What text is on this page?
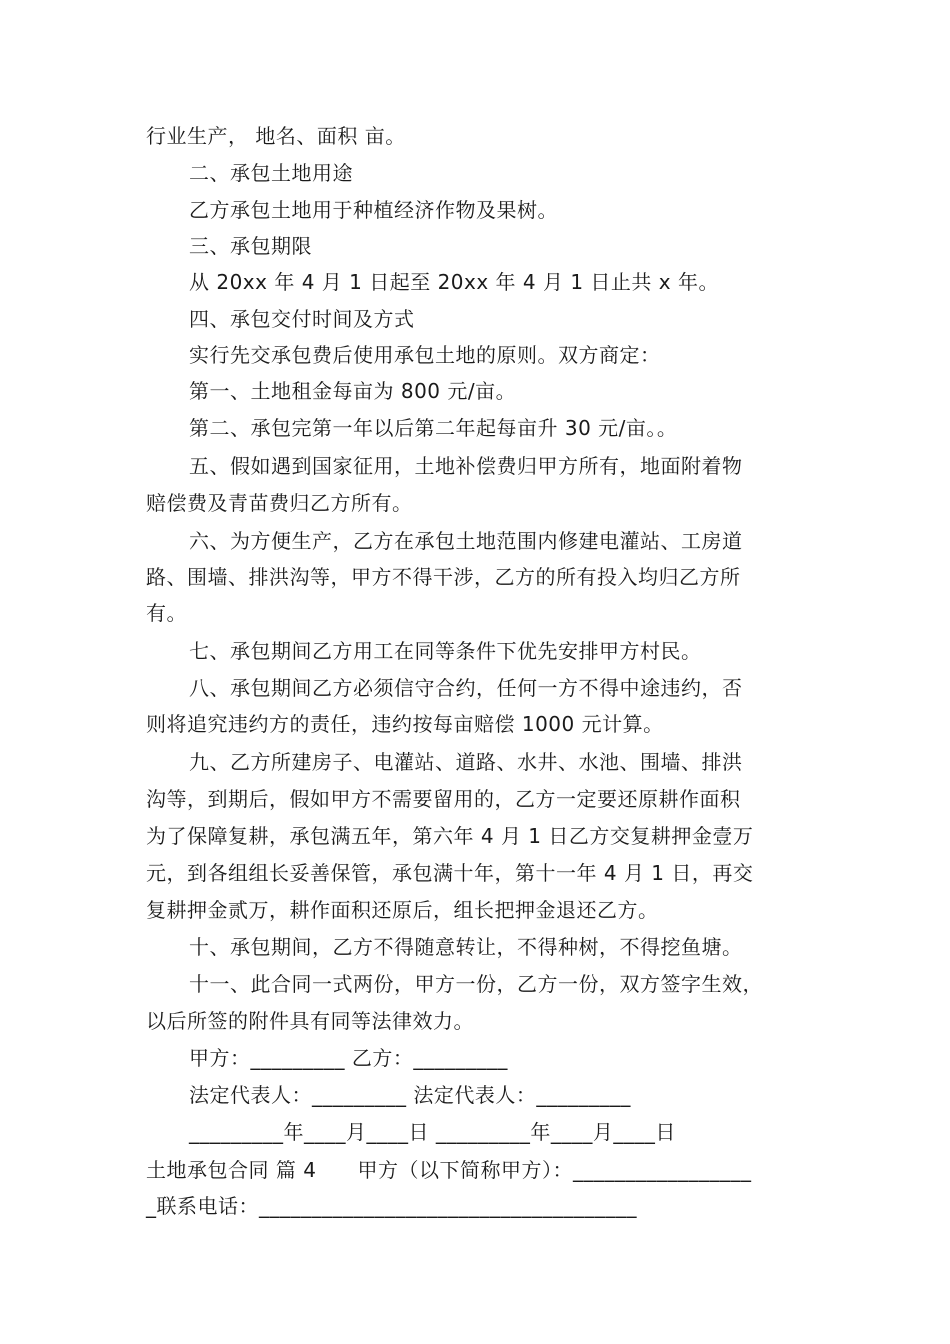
行业生产， 地名、面积 亩。
二、承包土地用途
乙方承包土地用于种植经济作物及果树。
三、承包期限
从 20xx 年 4 月 1 日起至 20xx 年 4 月 1 日止共 x 年。
四、承包交付时间及方式
实行先交承包费后使用承包土地的原则。双方商定：
第一、土地租金每亩为 800 元/亩。
第二、承包完第一年以后第二年起每亩升 30 元/亩。。
五、假如遇到国家征用，土地补偿费归甲方所有，地面附着物
赔偿费及青苗费归乙方所有。
六、为方便生产，乙方在承包土地范围内修建电灌站、工房道
路、围墙、排洪沟等，甲方不得干涉，乙方的所有投入均归乙方所
有。
七、承包期间乙方用工在同等条件下优先安排甲方村民。
八、承包期间乙方必须信守合约，任何一方不得中途违约，否
则将追究违约方的责任，违约按每亩赔偿 1000 元计算。
九、乙方所建房子、电灌站、道路、水井、水池、围墙、排洪
沟等，到期后，假如甲方不需要留用的，乙方一定要还原耕作面积
为了保障复耕，承包满五年，第六年 4 月 1 日乙方交复耕押金壹万
元，到各组组长妥善保管，承包满十年，第十一年 4 月 1 日，再交
复耕押金贰万，耕作面积还原后，组长把押金退还乙方。
十、承包期间，乙方不得随意转让，不得种树，不得挖鱼塘。
十一、此合同一式两份，甲方一份，乙方一份，双方签字生效，
以后所签的附件具有同等法律效力。
甲方：_________ 乙方：_________
法定代表人：_________ 法定代表人：_________
_________年____月____日 _________年____月____日
土地承包合同 篇 4　　甲方（以下简称甲方）：_________________
_联系电话：____________________________________
